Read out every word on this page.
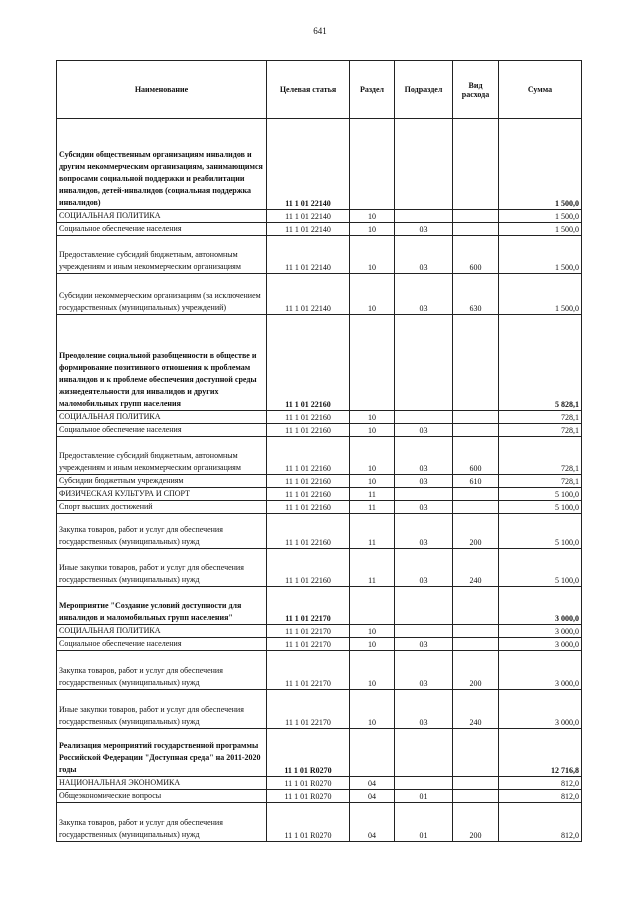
641
Наименование	Целевая статья	Раздел	Подраздел	Вид расхода	Сумма
Субсидии общественным организациям инвалидов и другим некоммерческим организациям, занимающимся вопросами социальной поддержки и реабилитации инвалидов, детей-инвалидов (социальная поддержка инвалидов)	11 1 01 22140				1 500,0
СОЦИАЛЬНАЯ ПОЛИТИКА	11 1 01 22140	10			1 500,0
Социальное обеспечение населения	11 1 01 22140	10	03		1 500,0
Предоставление субсидий бюджетным, автономным учреждениям и иным некоммерческим организациям	11 1 01 22140	10	03	600	1 500,0
Субсидии некоммерческим организациям (за исключением государственных (муниципальных) учреждений)	11 1 01 22140	10	03	630	1 500,0
Преодоление социальной разобщенности в обществе и формирование позитивного отношения к проблемам инвалидов и к проблеме обеспечения доступной среды жизнедеятельности для инвалидов и других маломобильных групп населения	11 1 01 22160				5 828,1
СОЦИАЛЬНАЯ ПОЛИТИКА	11 1 01 22160	10			728,1
Социальное обеспечение населения	11 1 01 22160	10	03		728,1
Предоставление субсидий бюджетным, автономным учреждениям и иным некоммерческим организациям	11 1 01 22160	10	03	600	728,1
Субсидии бюджетным учреждениям	11 1 01 22160	10	03	610	728,1
ФИЗИЧЕСКАЯ КУЛЬТУРА И СПОРТ	11 1 01 22160	11			5 100,0
Спорт высших достижений	11 1 01 22160	11	03		5 100,0
Закупка товаров, работ и услуг для обеспечения государственных (муниципальных) нужд	11 1 01 22160	11	03	200	5 100,0
Иные закупки товаров, работ и услуг для обеспечения государственных (муниципальных) нужд	11 1 01 22160	11	03	240	5 100,0
Мероприятие "Создание условий доступности для инвалидов и маломобильных групп населения"	11 1 01 22170				3 000,0
СОЦИАЛЬНАЯ ПОЛИТИКА	11 1 01 22170	10			3 000,0
Социальное обеспечение населения	11 1 01 22170	10	03		3 000,0
Закупка товаров, работ и услуг для обеспечения государственных (муниципальных) нужд	11 1 01 22170	10	03	200	3 000,0
Иные закупки товаров, работ и услуг для обеспечения государственных (муниципальных) нужд	11 1 01 22170	10	03	240	3 000,0
Реализация мероприятий государственной программы Российской Федерации "Доступная среда" на 2011-2020 годы	11 1 01 R0270				12 716,8
НАЦИОНАЛЬНАЯ ЭКОНОМИКА	11 1 01 R0270	04			812,0
Общеэкономические вопросы	11 1 01 R0270	04	01		812,0
Закупка товаров, работ и услуг для обеспечения государственных (муниципальных) нужд	11 1 01 R0270	04	01	200	812,0
